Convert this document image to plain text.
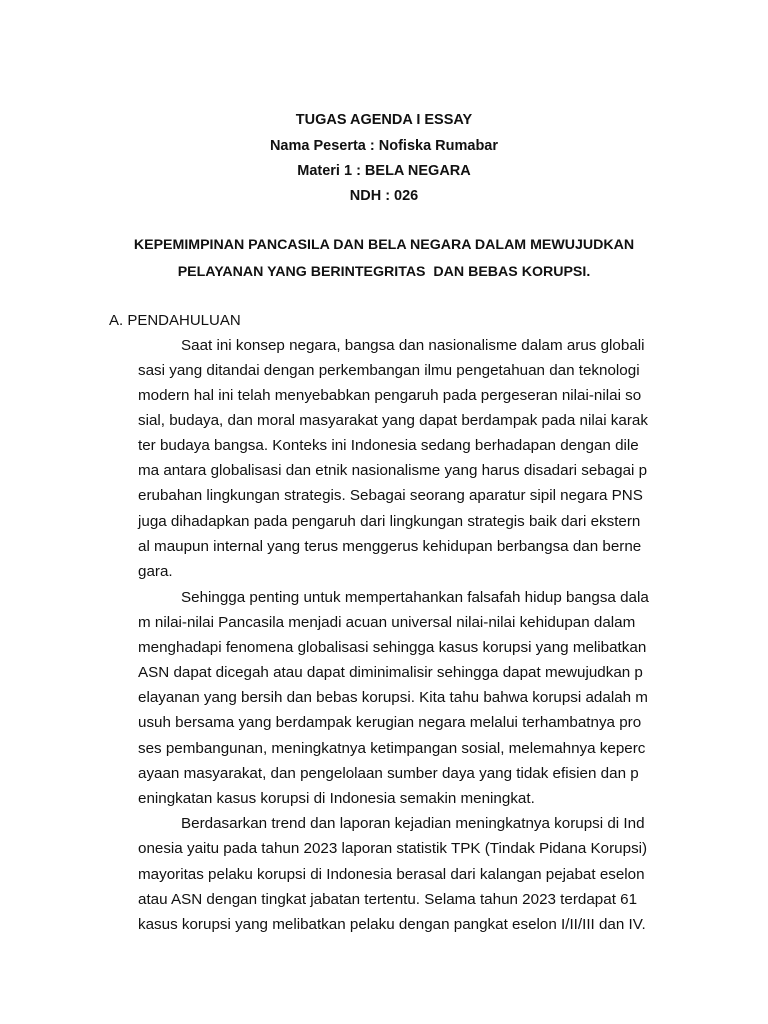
TUGAS AGENDA I ESSAY
Nama Peserta : Nofiska Rumabar
Materi 1 : BELA NEGARA
NDH : 026
KEPEMIMPINAN PANCASILA DAN BELA NEGARA DALAM MEWUJUDKAN
PELAYANAN YANG BERINTEGRITAS  DAN BEBAS KORUPSI.
A. PENDAHULUAN
Saat ini konsep negara, bangsa dan nasionalisme dalam arus globali
sasi yang ditandai dengan perkembangan ilmu pengetahuan dan teknologi
modern hal ini telah menyebabkan pengaruh pada pergeseran nilai-nilai so
sial, budaya, dan moral masyarakat yang dapat berdampak pada nilai karak
ter budaya bangsa. Konteks ini Indonesia sedang berhadapan dengan dile
ma antara globalisasi dan etnik nasionalisme yang harus disadari sebagai p
erubahan lingkungan strategis. Sebagai seorang aparatur sipil negara PNS
juga dihadapkan pada pengaruh dari lingkungan strategis baik dari ekstern
al maupun internal yang terus menggerus kehidupan berbangsa dan berne
gara.
Sehingga penting untuk mempertahankan falsafah hidup bangsa dala
m nilai-nilai Pancasila menjadi acuan universal nilai-nilai kehidupan dalam
menghadapi fenomena globalisasi sehingga kasus korupsi yang melibatkan
ASN dapat dicegah atau dapat diminimalisir sehingga dapat mewujudkan p
elayanan yang bersih dan bebas korupsi. Kita tahu bahwa korupsi adalah m
usuh bersama yang berdampak kerugian negara melalui terhambatnya pro
ses pembangunan, meningkatnya ketimpangan sosial, melemahnya keperc
ayaan masyarakat, dan pengelolaan sumber daya yang tidak efisien dan p
eningkatan kasus korupsi di Indonesia semakin meningkat.
Berdasarkan trend dan laporan kejadian meningkatnya korupsi di Ind
onesia yaitu pada tahun 2023 laporan statistik TPK (Tindak Pidana Korupsi)
mayoritas pelaku korupsi di Indonesia berasal dari kalangan pejabat eselon
atau ASN dengan tingkat jabatan tertentu. Selama tahun 2023 terdapat 61
kasus korupsi yang melibatkan pelaku dengan pangkat eselon I/II/III dan IV.
